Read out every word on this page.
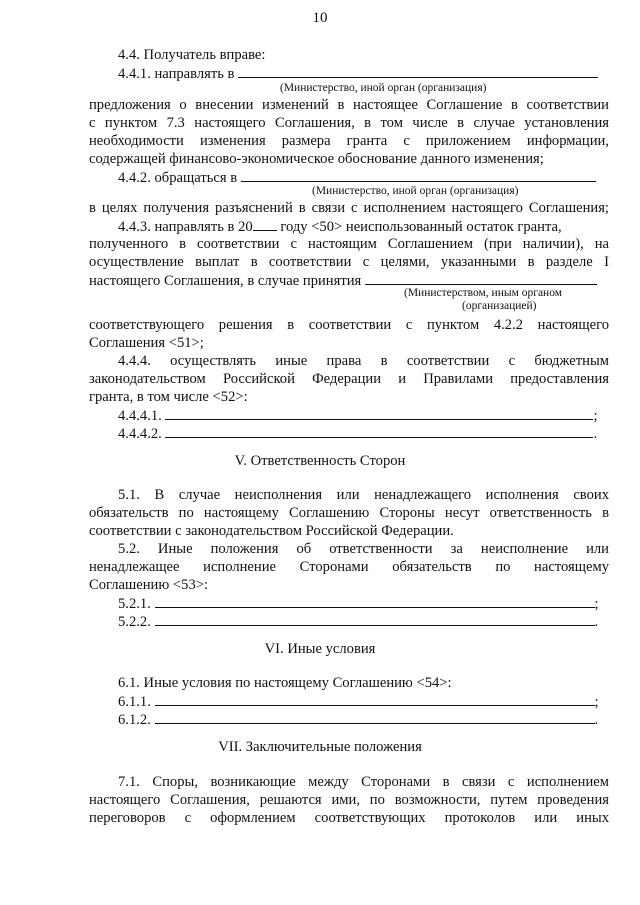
10
4.4. Получатель вправе:
4.4.1. направлять в
(Министерство, иной орган (организация)
предложения о внесении изменений в настоящее Соглашение в соответствии
с пунктом 7.3 настоящего Соглашения, в том числе в случае установления
необходимости изменения размера гранта с приложением информации,
содержащей финансово-экономическое обоснование данного изменения;
4.4.2. обращаться в
(Министерство, иной орган (организация)
в целях получения разъяснений в связи с исполнением настоящего Соглашения;
4.4.3. направлять в 20 году <50> неиспользованный остаток гранта,
полученного в соответствии с настоящим Соглашением (при наличии), на
осуществление выплат в соответствии с целями, указанными в разделе I
настоящего Соглашения, в случае принятия
(Министерством, иным органом
(организацией)
соответствующего решения в соответствии с пунктом 4.2.2 настоящего
Соглашения <51>;
4.4.4. осуществлять иные права в соответствии с бюджетным
законодательством Российской Федерации и Правилами предоставления
гранта, в том числе <52>:
4.4.4.1.	;
4.4.4.2.	.
V. Ответственность Сторон
5.1. В случае неисполнения или ненадлежащего исполнения своих
обязательств по настоящему Соглашению Стороны несут ответственность в
соответствии с законодательством Российской Федерации.
5.2. Иные положения об ответственности за неисполнение или
ненадлежащее исполнение Сторонами обязательств по настоящему
Соглашению <53>:
5.2.1.	;
5.2.2.	.
VI. Иные условия
6.1. Иные условия по настоящему Соглашению <54>:
6.1.1.	;
6.1.2.	.
VII. Заключительные положения
7.1. Споры, возникающие между Сторонами в связи с исполнением
настоящего Соглашения, решаются ими, по возможности, путем проведения
переговоров с оформлением соответствующих протоколов или иных
